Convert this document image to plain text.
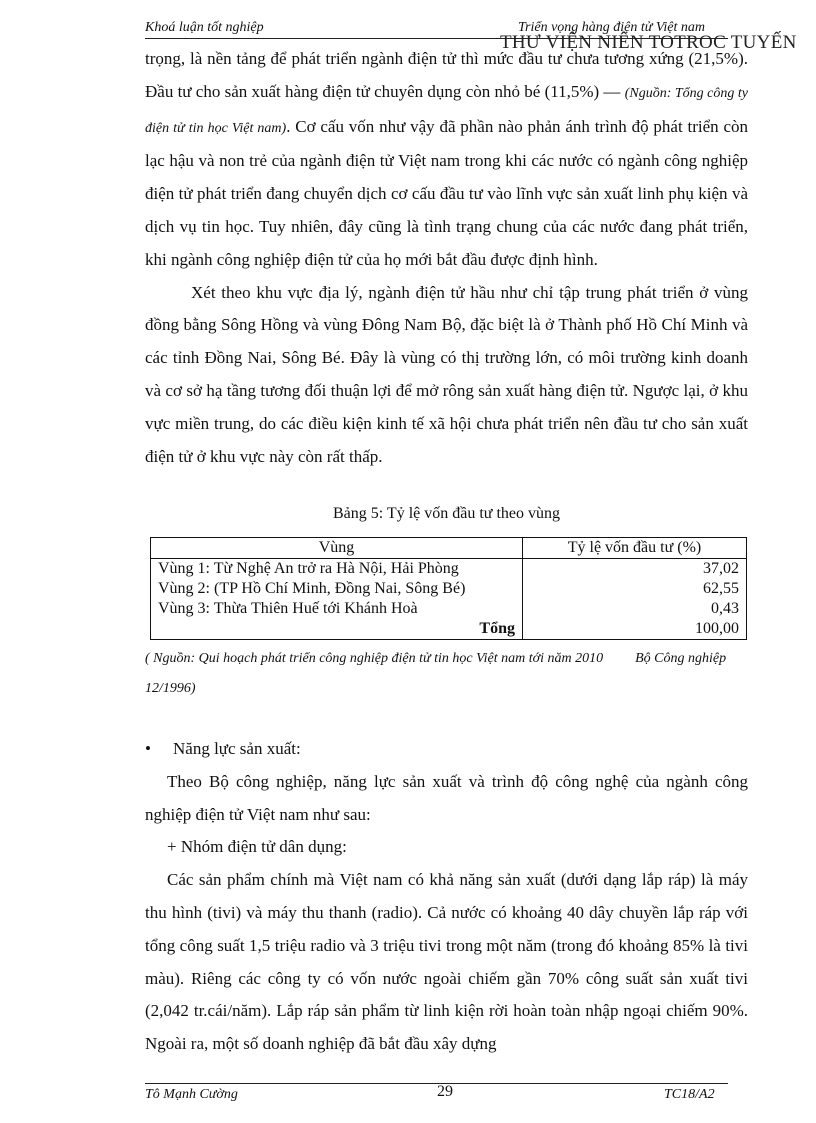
Khoá luận tốt nghiệp	Triển vọng hàng điện tử Việt nam
THƯ VIỆN NIÊN TOTROC TUYẾN

trọng, là nền tảng để phát triển ngành điện tử thì mức đầu tư chưa tương xứng (21,5%). Đầu tư cho sản xuất hàng điện tử chuyên dụng còn nhỏ bé (11,5%) — (Nguồn: Tổng công ty điện tử tin học Việt nam). Cơ cấu vốn như vậy đã phần nào phản ánh trình độ phát triển còn lạc hậu và non trẻ của ngành điện tử Việt nam trong khi các nước có ngành công nghiệp điện tử phát triển đang chuyển dịch cơ cấu đầu tư vào lĩnh vực sản xuất linh phụ kiện và dịch vụ tin học. Tuy nhiên, đây cũng là tình trạng chung của các nước đang phát triển, khi ngành công nghiệp điện tử của họ mới bắt đầu được định hình.

Xét theo khu vực địa lý, ngành điện tử hầu như chỉ tập trung phát triển ở vùng đồng bằng Sông Hồng và vùng Đông Nam Bộ, đặc biệt là ở Thành phố Hồ Chí Minh và các tỉnh Đồng Nai, Sông Bé. Đây là vùng có thị trường lớn, có môi trường kinh doanh và cơ sở hạ tầng tương đối thuận lợi để mở rông sản xuất hàng điện tử. Ngược lại, ở khu vực miền trung, do các điều kiện kinh tế xã hội chưa phát triển nên đầu tư cho sản xuất điện tử ở khu vực này còn rất thấp.

Bảng 5: Tỷ lệ vốn đầu tư theo vùng
Vùng	Tỷ lệ vốn đầu tư (%)
Vùng 1: Từ Nghệ An trở ra Hà Nội, Hải Phòng	37,02
Vùng 2: (TP Hồ Chí Minh, Đồng Nai, Sông Bé)	62,55
Vùng 3: Thừa Thiên Huế tới Khánh Hoà	0,43
Tổng	100,00
( Nguồn: Qui hoạch phát triển công nghiệp điện tử tin học Việt nam tới năm 2010 Bộ Công nghiệp 12/1996)
•	Năng lực sản xuất:

Theo Bộ công nghiệp, năng lực sản xuất và trình độ công nghệ của ngành công nghiệp điện tử Việt nam như sau:

+ Nhóm điện tử dân dụng:

Các sản phẩm chính mà Việt nam có khả năng sản xuất (dưới dạng lắp ráp) là máy thu hình (tivi) và máy thu thanh (radio). Cả nước có khoảng 40 dây chuyền lắp ráp với tổng công suất 1,5 triệu radio và 3 triệu tivi trong một năm (trong đó khoảng 85% là tivi màu). Riêng các công ty có vốn nước ngoài chiếm gần 70% công suất sản xuất tivi (2,042 tr.cái/năm). Lắp ráp sản phẩm từ linh kiện rời hoàn toàn nhập ngoại chiếm 90%. Ngoài ra, một số doanh nghiệp đã bắt đầu xây dựng

Tô Mạnh Cường	29	TC18/A2
